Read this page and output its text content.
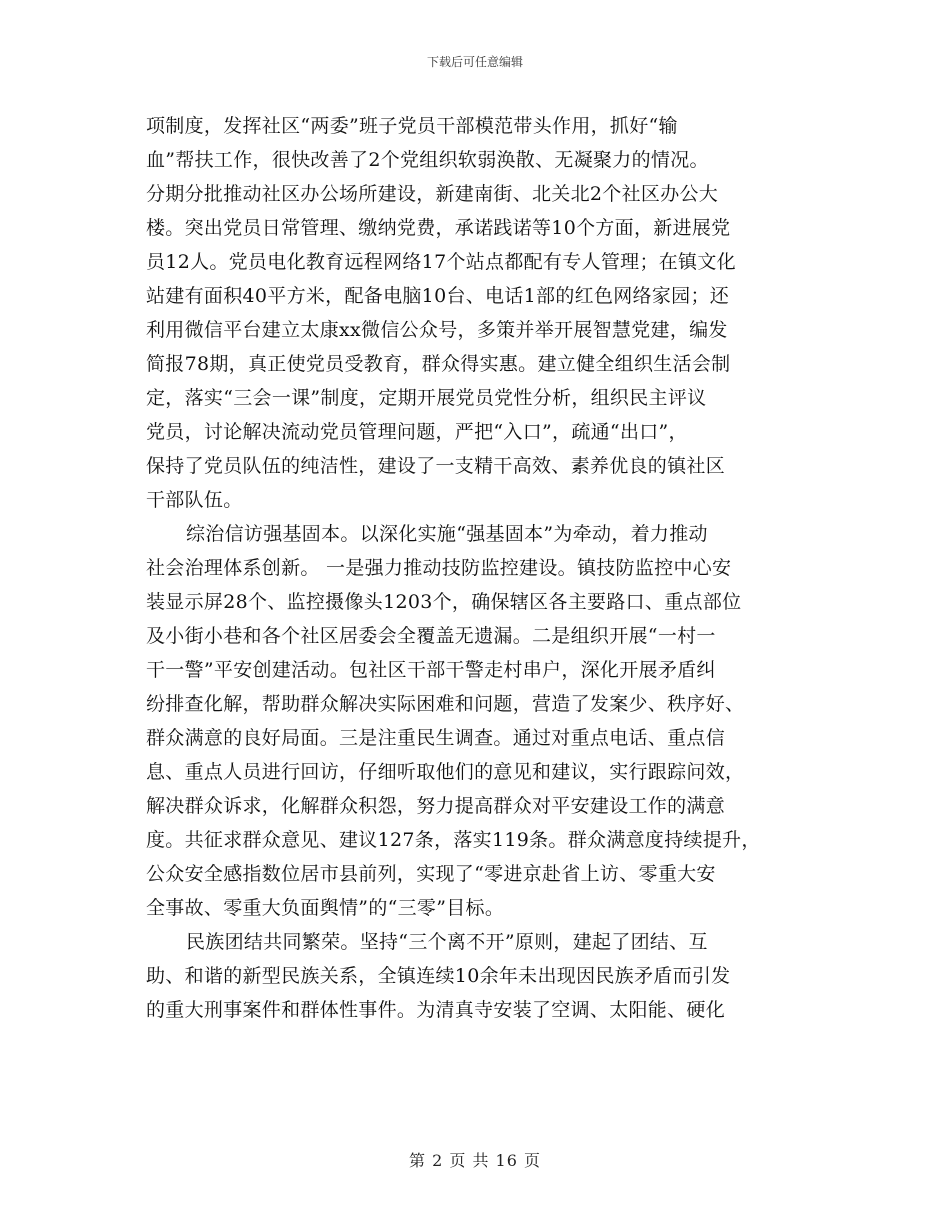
下载后可任意编辑
项制度，发挥社区“两委”班子党员干部模范带头作用，抓好“输
血”帮扶工作，很快改善了2个党组织软弱涣散、无凝聚力的情况。
分期分批推动社区办公场所建设，新建南街、北关北2个社区办公大
楼。突出党员日常管理、缴纳党费，承诺践诺等10个方面，新进展党
员12人。党员电化教育远程网络17个站点都配有专人管理；在镇文化
站建有面积40平方米，配备电脑10台、电话1部的红色网络家园；还
利用微信平台建立太康xx微信公众号，多策并举开展智慧党建，编发
简报78期，真正使党员受教育，群众得实惠。建立健全组织生活会制
定，落实“三会一课”制度，定期开展党员党性分析，组织民主评议
党员，讨论解决流动党员管理问题，严把“入口”，疏通“出口”，
保持了党员队伍的纯洁性，建设了一支精干高效、素养优良的镇社区
干部队伍。
综治信访强基固本。以深化实施“强基固本”为牵动，着力推动
社会治理体系创新。 一是强力推动技防监控建设。镇技防监控中心安
装显示屏28个、监控摄像头1203个，确保辖区各主要路口、重点部位
及小街小巷和各个社区居委会全覆盖无遗漏。二是组织开展“一村一
干一警”平安创建活动。包社区干部干警走村串户，深化开展矛盾纠
纷排查化解，帮助群众解决实际困难和问题，营造了发案少、秩序好、
群众满意的良好局面。三是注重民生调查。通过对重点电话、重点信
息、重点人员进行回访，仔细听取他们的意见和建议，实行跟踪问效，
解决群众诉求，化解群众积怨，努力提高群众对平安建设工作的满意
度。共征求群众意见、建议127条，落实119条。群众满意度持续提升，
公众安全感指数位居市县前列，实现了“零进京赴省上访、零重大安
全事故、零重大负面舆情”的“三零”目标。
民族团结共同繁荣。坚持“三个离不开”原则，建起了团结、互
助、和谐的新型民族关系，全镇连续10余年未出现因民族矛盾而引发
的重大刑事案件和群体性事件。为清真寺安装了空调、太阳能、硬化
第 2 页 共 16 页
